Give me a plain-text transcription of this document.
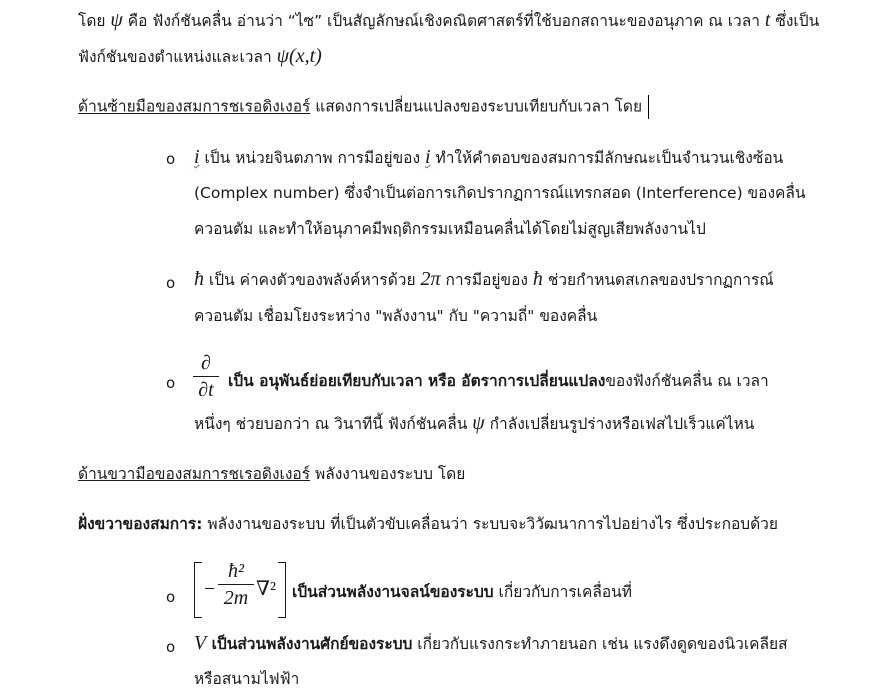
โดย ψ คือ ฟังก์ชันคลื่น อ่านว่า “ไซ” เป็นสัญลักษณ์เชิงคณิตศาสตร์ที่ใช้บอกสถานะของอนุภาค ณ เวลา t ซึ่งเป็น
ฟังก์ชันของตำแหน่งและเวลา ψ(x,t)
ด้านซ้ายมือของสมการชเรอดิงเงอร์ แสดงการเปลี่ยนแปลงของระบบเทียบกับเวลา โดย
o i เป็น หน่วยจินตภาพ การมีอยู่ของ i ทำให้คำตอบของสมการมีลักษณะเป็นจำนวนเชิงซ้อน
(Complex number) ซึ่งจำเป็นต่อการเกิดปรากฏการณ์แทรกสอด (Interference) ของคลื่น
ควอนตัม และทำให้อนุภาคมีพฤติกรรมเหมือนคลื่นได้โดยไม่สูญเสียพลังงานไป
o ħ เป็น ค่าคงตัวของพลังค์หารด้วย 2π การมีอยู่ของ ħ ช่วยกำหนดสเกลของปรากฏการณ์
ควอนตัม เชื่อมโยงระหว่าง "พลังงาน" กับ "ความถี่" ของคลื่น
o
∂
∂t เป็น อนุพันธ์ย่อยเทียบกับเวลา หรือ อัตราการเปลี่ยนแปลงของฟังก์ชันคลื่น ณ เวลา
หนึ่งๆ ช่วยบอกว่า ณ วินาทีนี้ ฟังก์ชันคลื่น ψ กำลังเปลี่ยนรูปร่างหรือเฟสไปเร็วแค่ไหน
ด้านขวามือของสมการชเรอดิงเงอร์ พลังงานของระบบ โดย
ฝั่งขวาของสมการ: พลังงานของระบบ ที่เป็นตัวขับเคลื่อนว่า ระบบจะวิวัฒนาการไปอย่างไร ซึ่งประกอบด้วย
o −
ħ²
2m ∇² เป็นส่วนพลังงานจลน์ของระบบ เกี่ยวกับการเคลื่อนที่
o V เป็นส่วนพลังงานศักย์ของระบบ เกี่ยวกับแรงกระทำภายนอก เช่น แรงดึงดูดของนิวเคลียส
หรือสนามไฟฟ้า
